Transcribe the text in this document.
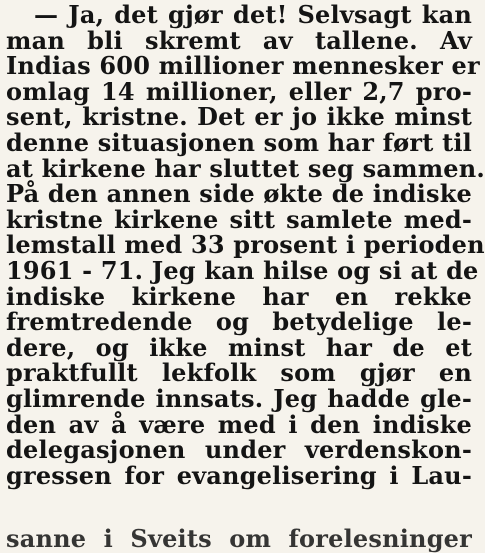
— Ja, det gjør det! Selvsagt kan
man bli skremt av tallene. Av
Indias 600 millioner mennesker er
omlag 14 millioner, eller 2,7 pro-
sent, kristne. Det er jo ikke minst
denne situasjonen som har ført til
at kirkene har sluttet seg sammen.
På den annen side økte de indiske
kristne kirkene sitt samlete med-
lemstall med 33 prosent i perioden
1961 - 71. Jeg kan hilse og si at de
indiske kirkene har en rekke
fremtredende og betydelige le-
dere, og ikke minst har de et
praktfullt lekfolk som gjør en
glimrende innsats. Jeg hadde gle-
den av å være med i den indiske
delegasjonen under verdenskon-
gressen for evangelisering i Lau-
sanne i Sveits om forelesninger
